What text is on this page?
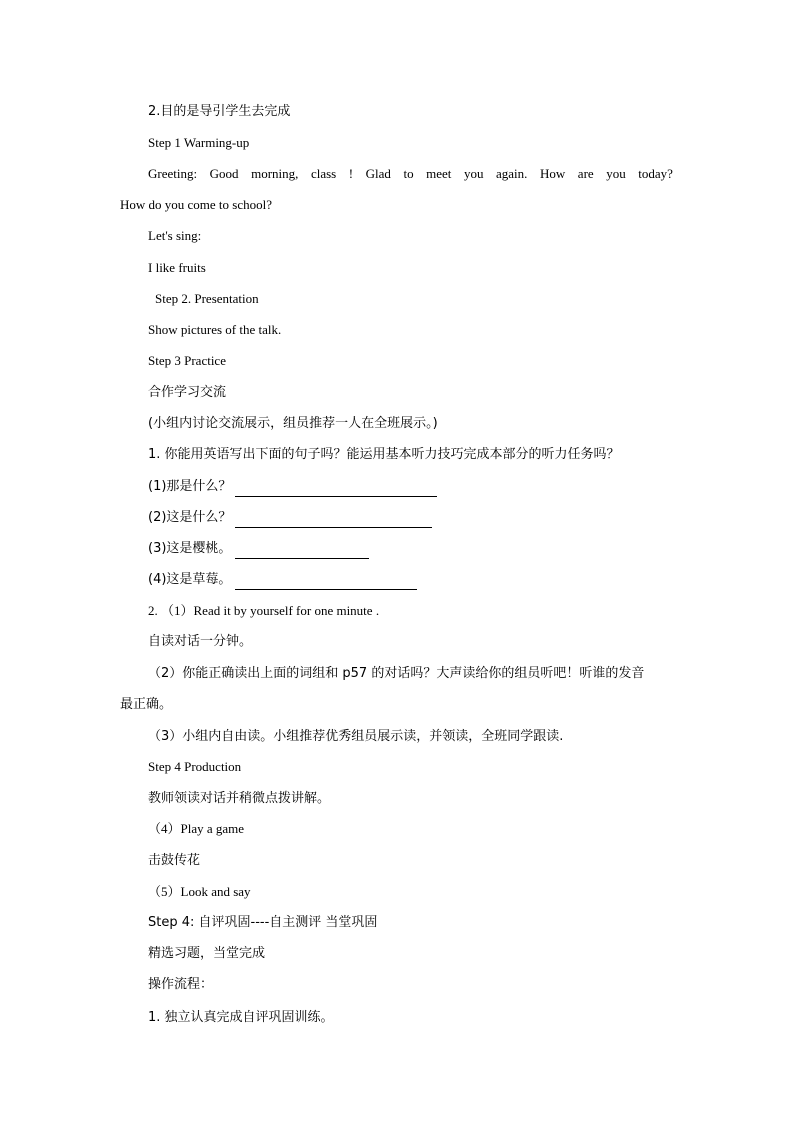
2.目的是导引学生去完成
Step 1 Warming-up
Greeting: Good morning, class ! Glad to meet you again. How are you today?
How do you come to school?
Let's sing:
I like fruits
Step 2. Presentation
Show pictures of the talk.
Step 3 Practice
合作学习交流
(小组内讨论交流展示，组员推荐一人在全班展示。)
1. 你能用英语写出下面的句子吗？能运用基本听力技巧完成本部分的听力任务吗？
(1)那是什么？
(2)这是什么？
(3)这是樱桃。
(4)这是草莓。
2. （1）Read it by yourself for one minute .
自读对话一分钟。
（2）你能正确读出上面的词组和 p57 的对话吗？大声读给你的组员听吧！听谁的发音
最正确。
（3）小组内自由读。小组推荐优秀组员展示读，并领读，全班同学跟读.
Step 4 Production
教师领读对话并稍微点拨讲解。
（4）Play a game
击鼓传花
（5）Look and say
Step 4: 自评巩固----自主测评 当堂巩固
精选习题，当堂完成
操作流程：
1. 独立认真完成自评巩固训练。
